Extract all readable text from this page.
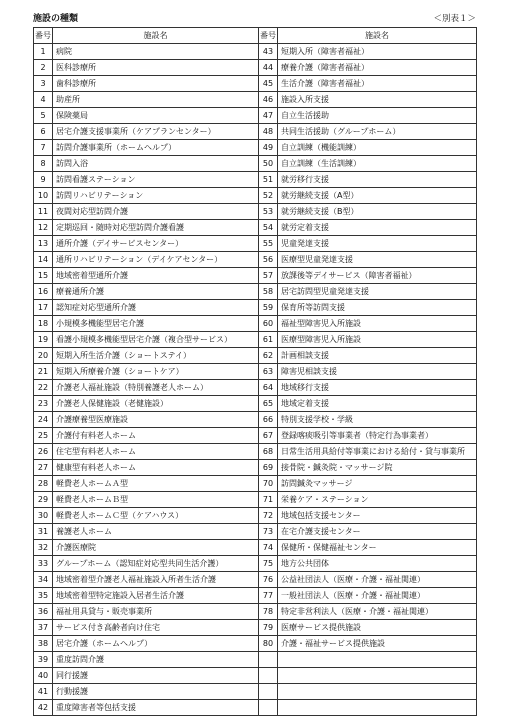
施設の種類	＜別表１＞
番号	施設名	番号	施設名
1	病院	43	短期入所（障害者福祉）
2	医科診療所	44	療養介護（障害者福祉）
3	歯科診療所	45	生活介護（障害者福祉）
4	助産所	46	施設入所支援
5	保険薬局	47	自立生活援助
6	居宅介護支援事業所（ケアプランセンター）	48	共同生活援助（グループホーム）
7	訪問介護事業所（ホームヘルプ）	49	自立訓練（機能訓練）
8	訪問入浴	50	自立訓練（生活訓練）
9	訪問看護ステーション	51	就労移行支援
10	訪問リハビリテーション	52	就労継続支援（A型）
11	夜間対応型訪問介護	53	就労継続支援（B型）
12	定期巡回・随時対応型訪問介護看護	54	就労定着支援
13	通所介護（デイサービスセンター）	55	児童発達支援
14	通所リハビリテーション（デイケアセンター）	56	医療型児童発達支援
15	地域密着型通所介護	57	放課後等デイサービス（障害者福祉）
16	療養通所介護	58	居宅訪問型児童発達支援
17	認知症対応型通所介護	59	保育所等訪問支援
18	小規模多機能型居宅介護	60	福祉型障害児入所施設
19	看護小規模多機能型居宅介護（複合型サービス）	61	医療型障害児入所施設
20	短期入所生活介護（ショートステイ）	62	計画相談支援
21	短期入所療養介護（ショートケア）	63	障害児相談支援
22	介護老人福祉施設（特別養護老人ホーム）	64	地域移行支援
23	介護老人保健施設（老健施設）	65	地域定着支援
24	介護療養型医療施設	66	特別支援学校・学級
25	介護付有料老人ホーム	67	登録喀痰吸引等事業者（特定行為事業者）
26	住宅型有料老人ホーム	68	日常生活用具給付等事業における給付・貸与事業所
27	健康型有料老人ホーム	69	接骨院・鍼灸院・マッサージ院
28	軽費老人ホームＡ型	70	訪問鍼灸マッサージ
29	軽費老人ホームＢ型	71	栄養ケア・ステーション
30	軽費老人ホームＣ型（ケアハウス）	72	地域包括支援センター
31	養護老人ホーム	73	在宅介護支援センター
32	介護医療院	74	保健所・保健福祉センター
33	グループホーム（認知症対応型共同生活介護）	75	地方公共団体
34	地域密着型介護老人福祉施設入所者生活介護	76	公益社団法人（医療・介護・福祉関連）
35	地域密着型特定施設入居者生活介護	77	一般社団法人（医療・介護・福祉関連）
36	福祉用具貸与・販売事業所	78	特定非営利法人（医療・介護・福祉関連）
37	サービス付き高齢者向け住宅	79	医療サービス提供施設
38	居宅介護（ホームヘルプ）	80	介護・福祉サービス提供施設
39	重度訪問介護		
40	同行援護		
41	行動援護		
42	重度障害者等包括支援		
